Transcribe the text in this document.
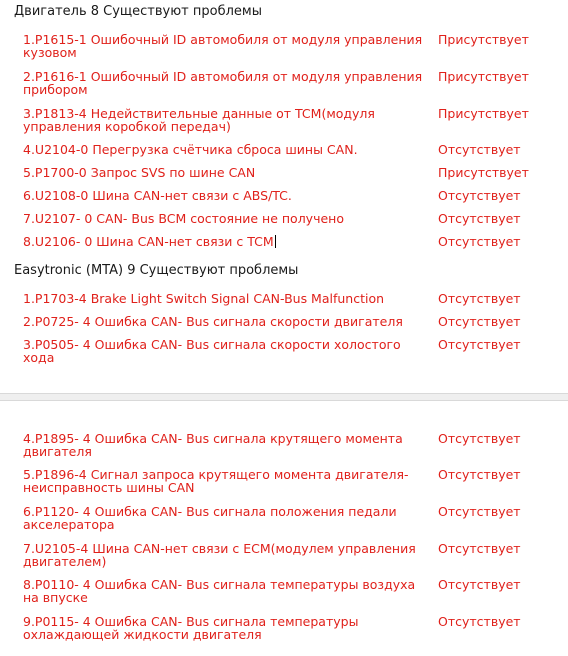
Двигатель 8 Существуют проблемы
1.P1615-1 Ошибочный ID автомобиля от модуля управления кузовом
Присутствует
2.P1616-1 Ошибочный ID автомобиля от модуля управления прибором
Присутствует
3.P1813-4 Недействительные данные от TCM(модуля управления коробкой передач)
Присутствует
4.U2104-0 Перегрузка счётчика сброса шины CAN.	Отсутствует
5.P1700-0 Запрос SVS по шине CAN	Присутствует
6.U2108-0 Шина CAN-нет связи с ABS/TC.	Отсутствует
7.U2107- 0 CAN- Bus BCM состояние не получено	Отсутствует
8.U2106- 0 Шина CAN-нет связи с TCM	Отсутствует
Easytronic (MTA) 9 Существуют проблемы
1.P1703-4 Brake Light Switch Signal CAN-Bus Malfunction	Отсутствует
2.P0725- 4 Ошибка CAN- Bus сигнала скорости двигателя	Отсутствует
3.P0505- 4 Ошибка CAN- Bus сигнала скорости холостого хода
Отсутствует
4.P1895- 4 Ошибка CAN- Bus сигнала крутящего момента двигателя
Отсутствует
5.P1896-4 Сигнал запроса крутящего момента двигателя-неисправность шины CAN
Отсутствует
6.P1120- 4 Ошибка CAN- Bus сигнала положения педали акселератора
Отсутствует
7.U2105-4 Шина CAN-нет связи с ECM(модулем управления двигателем)
Отсутствует
8.P0110- 4 Ошибка CAN- Bus сигнала температуры воздуха на впуске
Отсутствует
9.P0115- 4 Ошибка CAN- Bus сигнала температуры охлаждающей жидкости двигателя
Отсутствует
